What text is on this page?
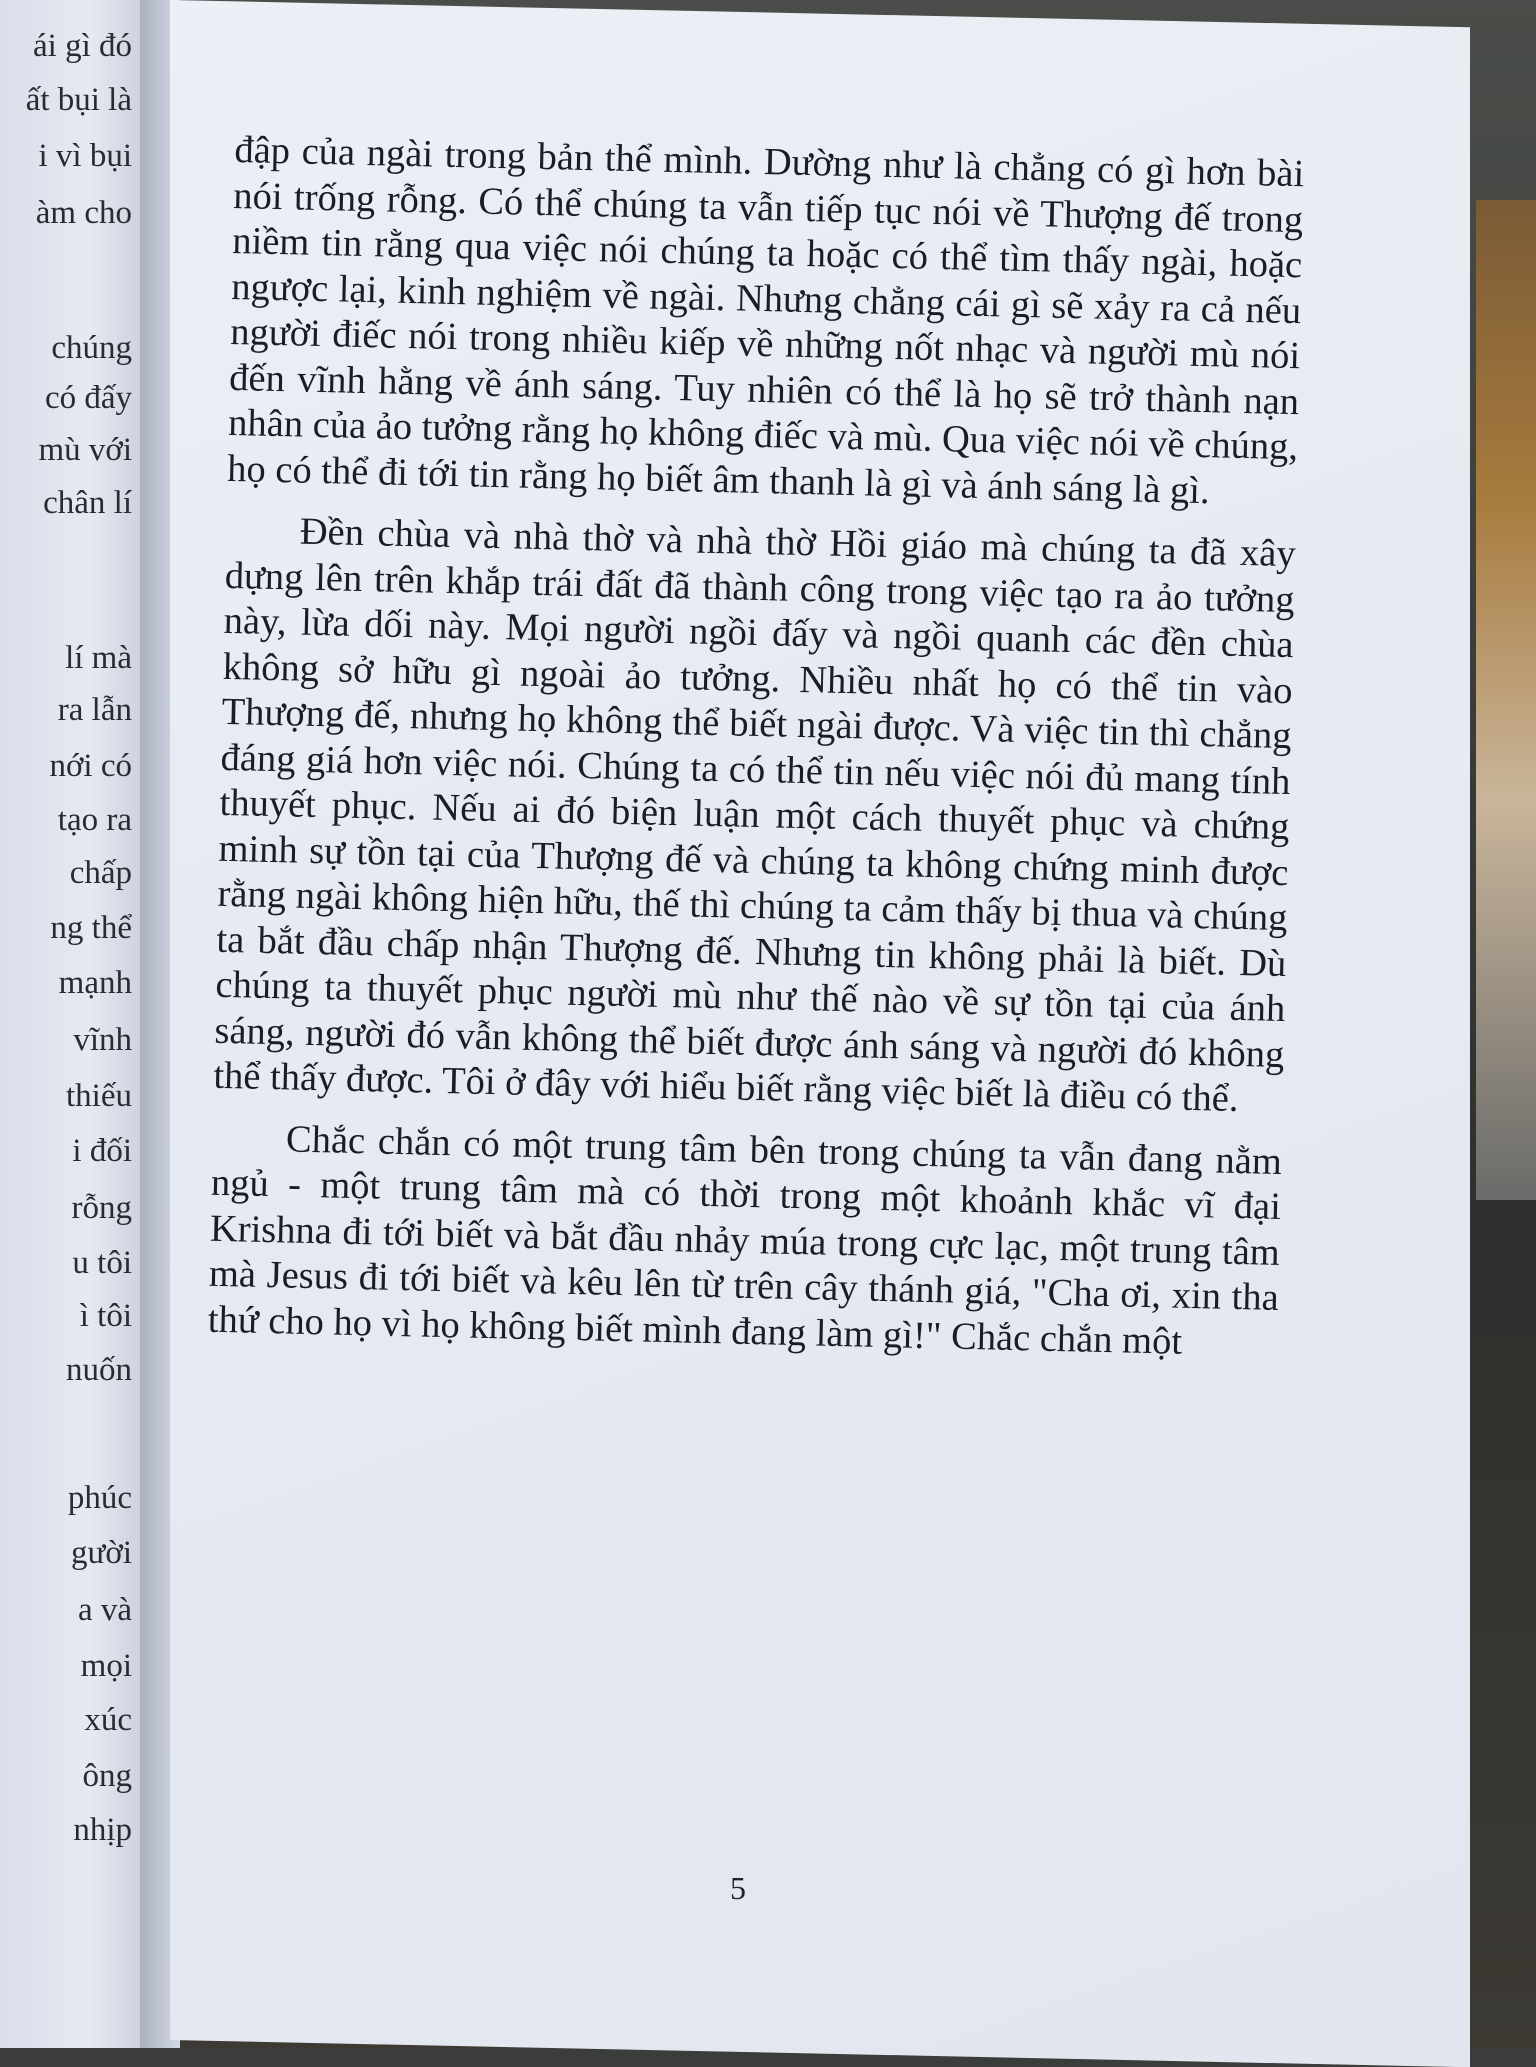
ái gì đó
ất bụi là
i vì bụi
àm cho
chúng
có đấy
mù với
chân lí
lí mà
ra lẫn
nới có
tạo ra
chấp
ng thể
mạnh
vĩnh
thiếu
i đối
rỗng
u tôi
ì tôi
nuốn
phúc
gười
a và
mọi
xúc
ông
nhịp

đập của ngài trong bản thể mình. Dường như là chẳng có gì hơn bài nói trống rỗng. Có thể chúng ta vẫn tiếp tục nói về Thượng đế trong niềm tin rằng qua việc nói chúng ta hoặc có thể tìm thấy ngài, hoặc ngược lại, kinh nghiệm về ngài. Nhưng chẳng cái gì sẽ xảy ra cả nếu người điếc nói trong nhiều kiếp về những nốt nhạc và người mù nói đến vĩnh hằng về ánh sáng. Tuy nhiên có thể là họ sẽ trở thành nạn nhân của ảo tưởng rằng họ không điếc và mù. Qua việc nói về chúng, họ có thể đi tới tin rằng họ biết âm thanh là gì và ánh sáng là gì.

Đền chùa và nhà thờ và nhà thờ Hồi giáo mà chúng ta đã xây dựng lên trên khắp trái đất đã thành công trong việc tạo ra ảo tưởng này, lừa dối này. Mọi người ngồi đấy và ngồi quanh các đền chùa không sở hữu gì ngoài ảo tưởng. Nhiều nhất họ có thể tin vào Thượng đế, nhưng họ không thể biết ngài được. Và việc tin thì chẳng đáng giá hơn việc nói. Chúng ta có thể tin nếu việc nói đủ mang tính thuyết phục. Nếu ai đó biện luận một cách thuyết phục và chứng minh sự tồn tại của Thượng đế và chúng ta không chứng minh được rằng ngài không hiện hữu, thế thì chúng ta cảm thấy bị thua và chúng ta bắt đầu chấp nhận Thượng đế. Nhưng tin không phải là biết. Dù chúng ta thuyết phục người mù như thế nào về sự tồn tại của ánh sáng, người đó vẫn không thể biết được ánh sáng và người đó không thể thấy được. Tôi ở đây với hiểu biết rằng việc biết là điều có thể.

Chắc chắn có một trung tâm bên trong chúng ta vẫn đang nằm ngủ - một trung tâm mà có thời trong một khoảnh khắc vĩ đại Krishna đi tới biết và bắt đầu nhảy múa trong cực lạc, một trung tâm mà Jesus đi tới biết và kêu lên từ trên cây thánh giá, "Cha ơi, xin tha thứ cho họ vì họ không biết mình đang làm gì!" Chắc chắn một

5
